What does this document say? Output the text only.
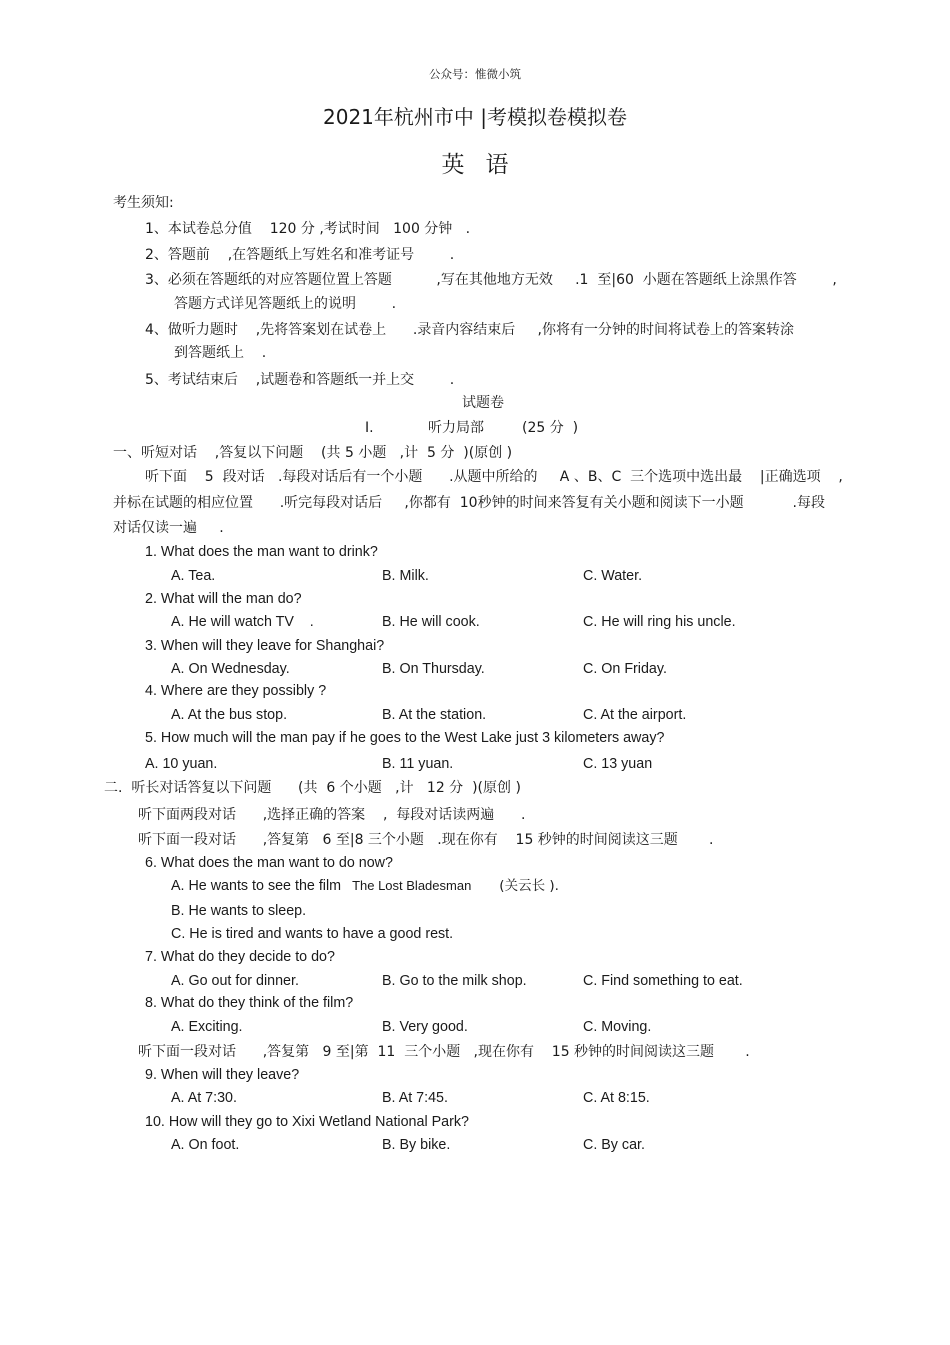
公众号：惟微小筑
2021年杭州市中 |考模拟卷模拟卷
英 语
考生须知:
1、本试卷总分值    120 分 ,考试时间   100 分钟   .
2、答题前    ,在答题纸上写姓名和准考证号        .
3、必须在答题纸的对应答题位置上答题          ,写在其他地方无效     .1  至|60  小题在答题纸上涂黑作答        ,
答题方式详见答题纸上的说明        .
4、做听力题时    ,先将答案划在试卷上      .录音内容结束后     ,你将有一分钟的时间将试卷上的答案转涂
到答题纸上    .
5、考试结束后    ,试题卷和答题纸一并上交        .
试题卷
I.	听力局部	(25 分  )
一、听短对话    ,答复以下问题    (共 5 小题   ,计  5 分  )(原创 )
听下面    5  段对话   .每段对话后有一个小题      .从题中所给的     A 、B、C  三个选项中选出最    |正确选项    ,
并标在试题的相应位置      .听完每段对话后     ,你都有  10秒钟的时间来答复有关小题和阅读下一小题           .每段
对话仅读一遍     .
1. What does the man want to drink?
A. Tea.	B. Milk.	C. Water.
2. What will the man do?
A. He will watch TV    .	B. He will cook.	C. He will ring his uncle.
3. When will they leave for Shanghai?
A. On Wednesday.	B. On Thursday.	C. On Friday.
4. Where are they possibly ?
A. At the bus stop.	B. At the station.	C. At the airport.
5. How much will the man pay if he goes to the West Lake just 3 kilometers away?
A. 10 yuan.	B. 11 yuan.	C. 13 yuan
二.  听长对话答复以下问题      (共  6 个小题   ,计   12 分  )(原创 )
听下面两段对话      ,选择正确的答案    ,  每段对话读两遍      .
听下面一段对话      ,答复第   6 至|8 三个小题   .现在你有    15 秒钟的时间阅读这三题       .
6. What does the man want to do now?
A. He wants to see the film The Lost Bladesman (关云长 ).
B. He wants to sleep.
C. He is tired and wants to have a good rest.
7. What do they decide to do?
A. Go out for dinner.	B. Go to the milk shop.	C. Find something to eat.
8. What do they think of the film?
A. Exciting.	B. Very good.	C. Moving.
听下面一段对话      ,答复第   9 至|第  11  三个小题   ,现在你有    15 秒钟的时间阅读这三题       .
9. When will they leave?
A. At 7:30.	B. At 7:45.	C. At 8:15.
10. How will they go to Xixi Wetland National Park?
A. On foot.	B. By bike.	C. By car.
